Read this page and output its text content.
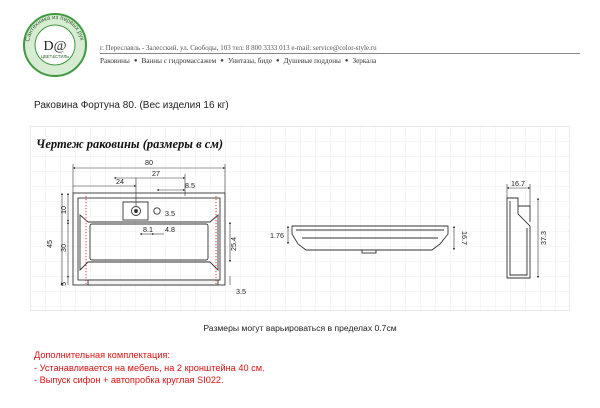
Сантехника из первых рук
D@
ЦВЕТ&СТИЛЬ
г. Переславль - Залесский, ул. Свободы, 103 тел: 8 800 3333 013 e-mail: service@color-style.ru
Раковины ● Ванны с гидромассажем ● Унитазы, биде ● Душевые поддоны ● Зеркала
Раковина Фортуна 80. (Вес изделия 16 кг)
Чертеж раковины (размеры в см)
80
27
24	8.5
3.5
8.1 4.8
25.4
3.5
10
30
45
5
1.76	16.7
16.7
37.3
Размеры могут варьироваться в пределах 0.7см
Дополнительная комплектация:
- Устанавливается на мебель, на 2 кронштейна 40 см.
- Выпуск сифон + автопробка круглая SI022.
